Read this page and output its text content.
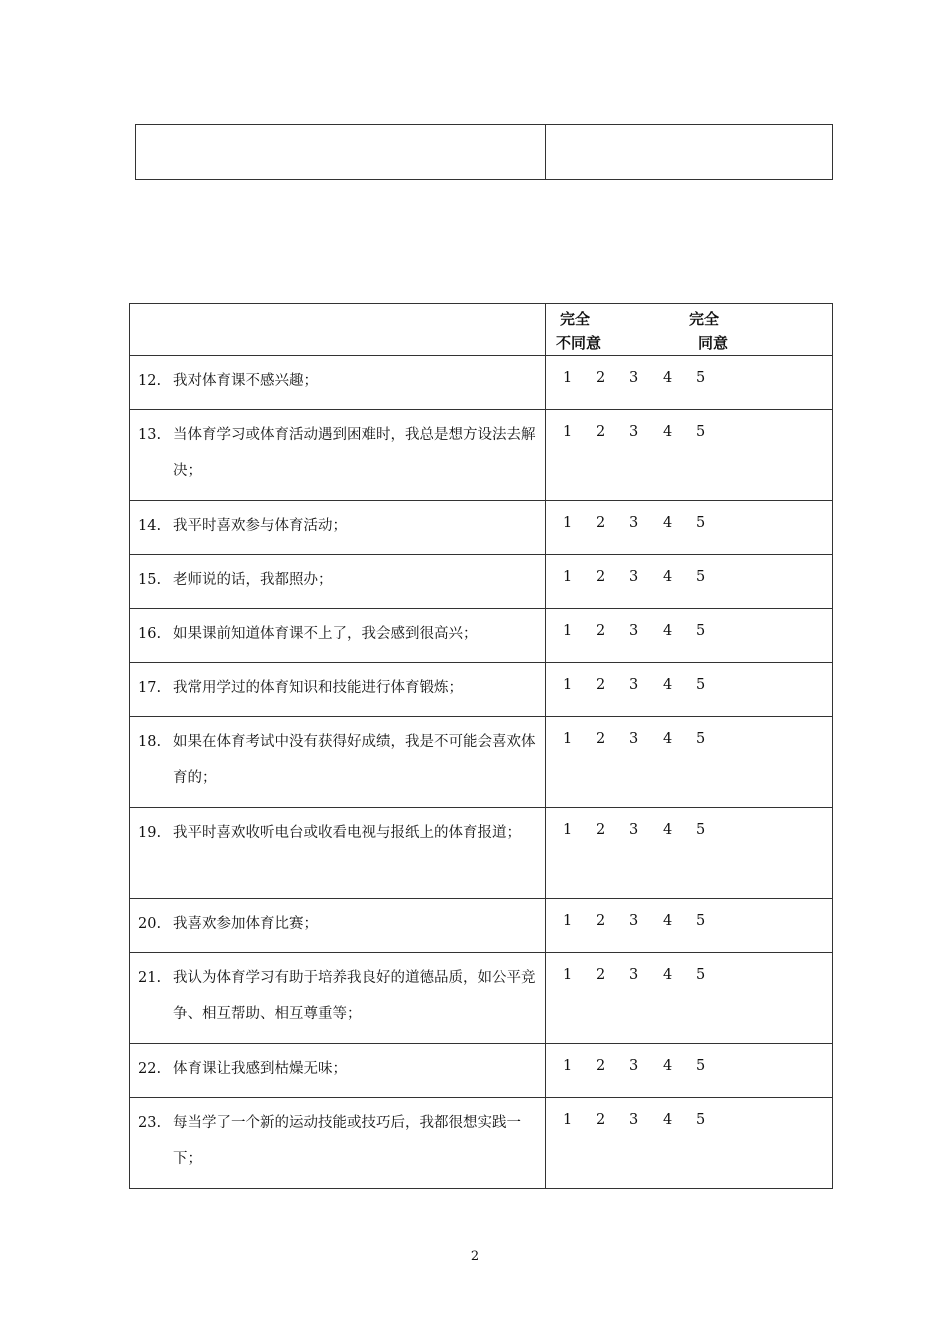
	完全
不同意
完全
同意

12. 我对体育课不感兴趣；	1 2 3 4 5

13. 当体育学习或体育活动遇到困难时，我总是想方设法去解决；	1 2 3 4 5

14. 我平时喜欢参与体育活动；	1 2 3 4 5

15. 老师说的话，我都照办；	1 2 3 4 5

16. 如果课前知道体育课不上了，我会感到很高兴；	1 2 3 4 5

17. 我常用学过的体育知识和技能进行体育锻炼；	1 2 3 4 5

18. 如果在体育考试中没有获得好成绩，我是不可能会喜欢体育的；	1 2 3 4 5

19. 我平时喜欢收听电台或收看电视与报纸上的体育报道；	1 2 3 4 5

20. 我喜欢参加体育比赛；	1 2 3 4 5

21. 我认为体育学习有助于培养我良好的道德品质，如公平竞争、相互帮助、相互尊重等；	1 2 3 4 5

22. 体育课让我感到枯燥无味；	1 2 3 4 5

23. 每当学了一个新的运动技能或技巧后，我都很想实践一下；	1 2 3 4 5
2
